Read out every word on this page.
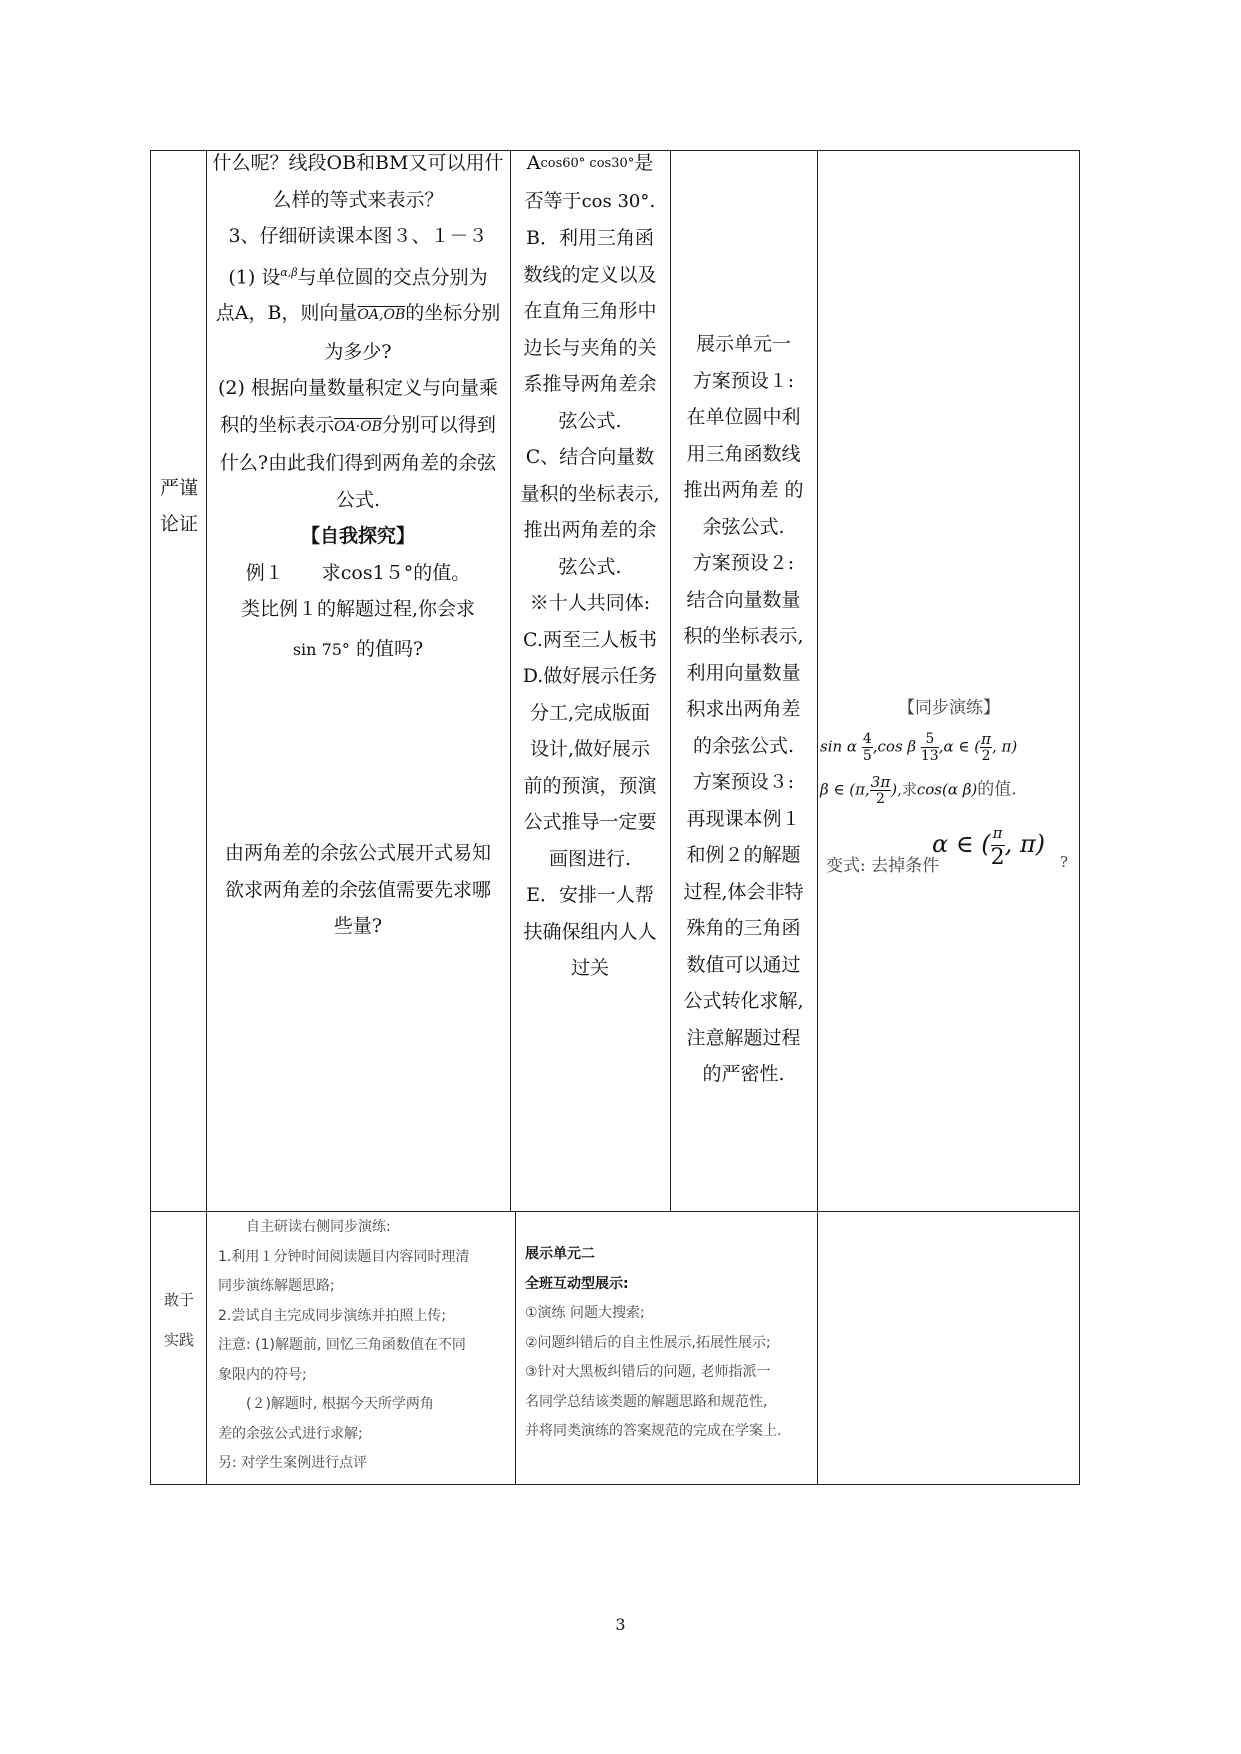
严谨
论证

什么呢？线段OB和BM又可以用什

么样的等式来表示？

3、仔细研读课本图３、１－３

(1) 设$^{\alpha,\beta}$与单位圆的交点分别为

点A，B，则向量OA,OB的坐标分别

为多少?

(2) 根据向量数量积定义与向量乘

积的坐标表示OA·OB分别可以得到

什么?由此我们得到两角差的余弦

公式.

【自我探究】

例１　　求cos1５°的值。

类比例１的解题过程,你会求

sin 75° 的值吗?

由两角差的余弦公式展开式易知

欲求两角差的余弦值需要先求哪

些量?

Acos60° cos30°是

否等于cos 30°.

B．利用三角函

数线的定义以及

在直角三角形中

边长与夹角的关

系推导两角差余

弦公式.

C、结合向量数

量积的坐标表示,

推出两角差的余

弦公式.

※十人共同体:

C.两至三人板书

D.做好展示任务

分工,完成版面

设计,做好展示

前的预演，预演

公式推导一定要

画图进行.

E．安排一人帮

扶确保组内人人

过关

展示单元一

方案预设１:

在单位圆中利

用三角函数线

推出两角差 的

余弦公式.

方案预设２:

结合向量数量

积的坐标表示,

利用向量数量

积求出两角差

的余弦公式.

方案预设３:

再现课本例１

和例２的解题

过程,体会非特

殊角的三角函

数值可以通过

公式转化求解,

注意解题过程

的严密性.

【同步演练】
sin α $\frac{4}{5} ,\cos$ β $\frac{5}{13} ,\alpha$ ∈ ( $\frac{\pi}{2}$ , π)
β ∈ (π, $\frac{3\pi}{2}$ ),求cos(α β)的值.
变式: 去掉条件
α ∈ ( $\frac{\pi}{2}$ , π)
?
敢于
实践

　　自主研读右侧同步演练:

1.利用１分钟时间阅读题目内容同时理清

同步演练解题思路;

2.尝试自主完成同步演练并拍照上传;

注意: (1)解题前, 回忆三角函数值在不同

象限内的符号;

　　(２)解题时, 根据今天所学两角

差的余弦公式进行求解;

另: 对学生案例进行点评

展示单元二

全班互动型展示:

①演练 问题大搜索;

②问题纠错后的自主性展示,拓展性展示;

③针对大黑板纠错后的问题, 老师指派一

名同学总结该类题的解题思路和规范性,

并将同类演练的答案规范的完成在学案上.

3
